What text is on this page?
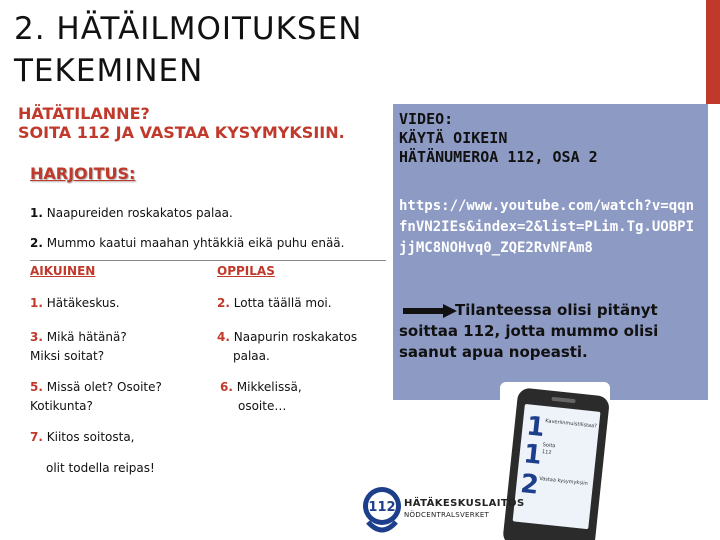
2. HÄTÄILMOITUKSEN
TEKEMINEN
HÄTÄTILANNE?
SOITA 112 JA VASTAA KYSYMYKSIIN.
HARJOITUS:
1. Naapureiden roskakatos palaa.
2. Mummo kaatui maahan yhtäkkiä eikä puhu enää.
AIKUINEN	OPPILAS
1. Hätäkeskus.
3. Mikä hätänä?
Miksi soitat?
5. Missä olet? Osoite?
Kotikunta?
7. Kiitos soitosta,
olit todella reipas!
2. Lotta täällä moi.
4. Naapurin roskakatos
palaa.
6. Mikkelissä,
osoite…
VIDEO:
KÄYTÄ OIKEIN
HÄTÄNUMEROA 112, OSA 2
https://www.youtube.com/watch?v=qqnfnVN2IEs&index=2&list=PLim.Tg.UOBPIjjMC8NOHvq0_ZQE2RvNFAm8
Tilanteessa olisi pitänyt soittaa 112, jotta mummo olisi saanut apua nopeasti.
Kaveriinmuistilistaa?
Soita
112
Vastaa kysymyksiin
1
1
2
112 HÄTÄKESKUSLAITOS
NÖDCENTRALSVERKET
